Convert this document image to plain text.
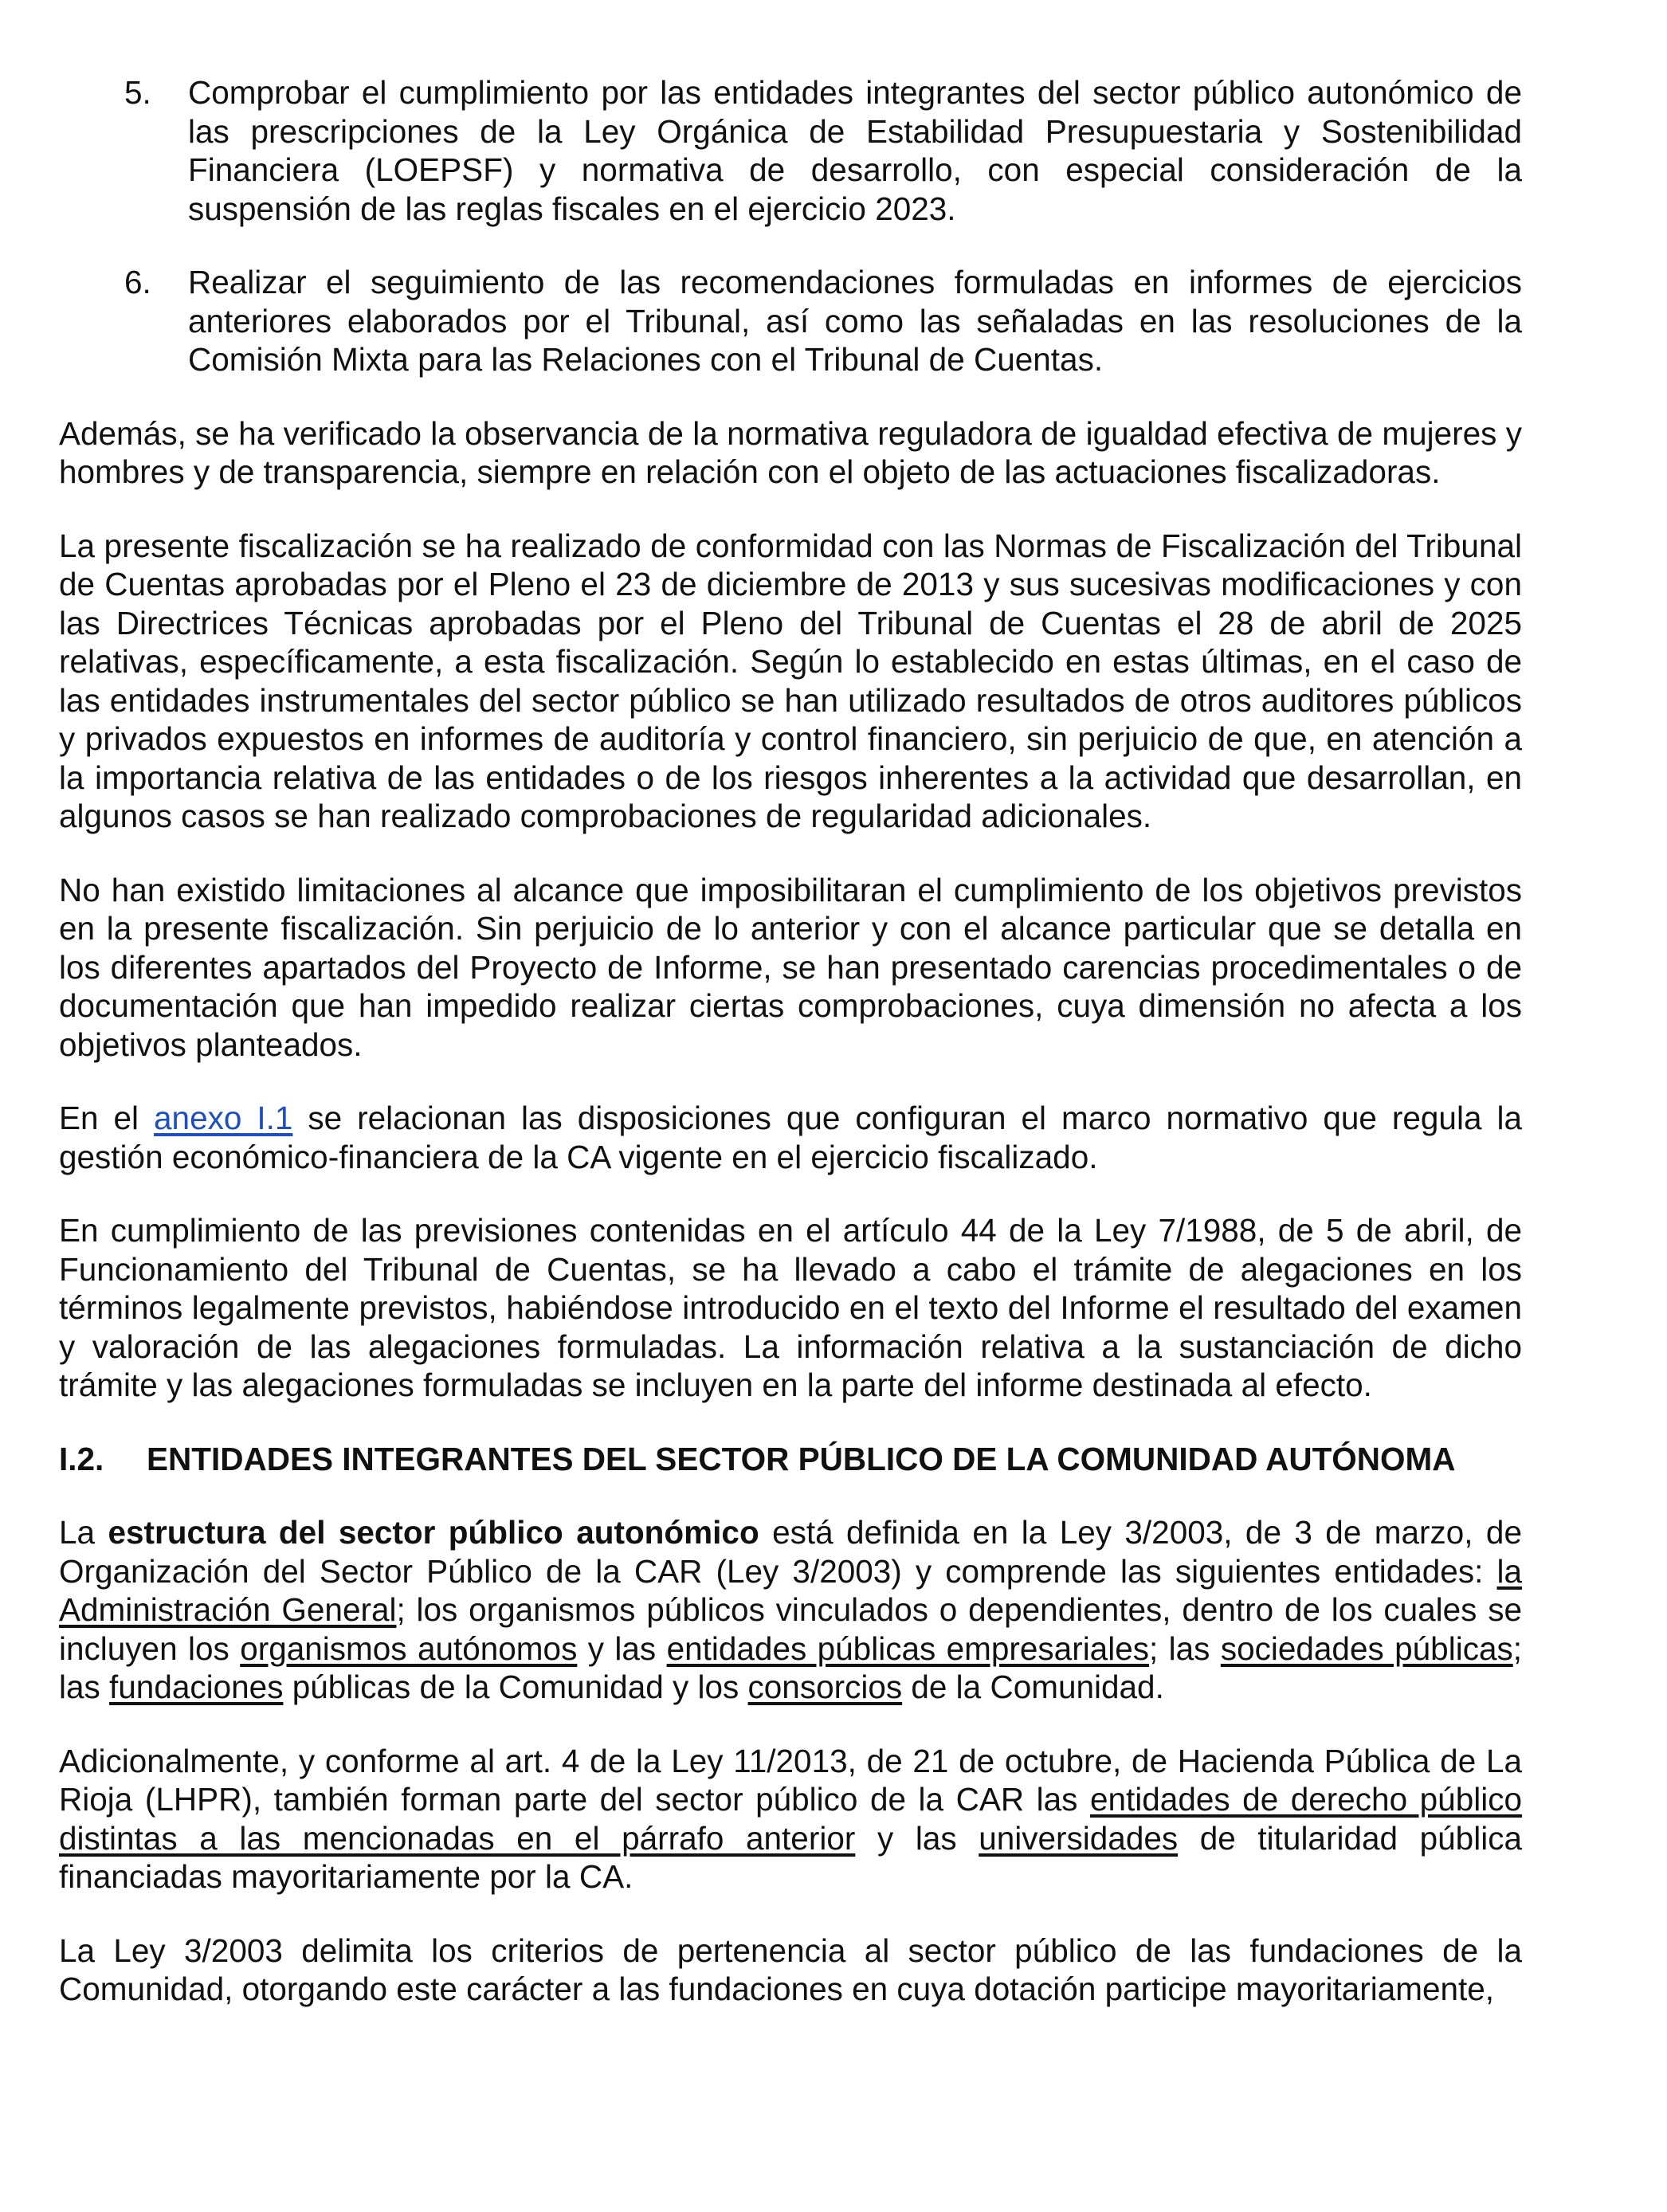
5. Comprobar el cumplimiento por las entidades integrantes del sector público autonómico de las prescripciones de la Ley Orgánica de Estabilidad Presupuestaria y Sostenibilidad Financiera (LOEPSF) y normativa de desarrollo, con especial consideración de la suspensión de las reglas fiscales en el ejercicio 2023.
6. Realizar el seguimiento de las recomendaciones formuladas en informes de ejercicios anteriores elaborados por el Tribunal, así como las señaladas en las resoluciones de la Comisión Mixta para las Relaciones con el Tribunal de Cuentas.

Además, se ha verificado la observancia de la normativa reguladora de igualdad efectiva de mujeres y hombres y de transparencia, siempre en relación con el objeto de las actuaciones fiscalizadoras.

La presente fiscalización se ha realizado de conformidad con las Normas de Fiscalización del Tribunal de Cuentas aprobadas por el Pleno el 23 de diciembre de 2013 y sus sucesivas modificaciones y con las Directrices Técnicas aprobadas por el Pleno del Tribunal de Cuentas el 28 de abril de 2025 relativas, específicamente, a esta fiscalización. Según lo establecido en estas últimas, en el caso de las entidades instrumentales del sector público se han utilizado resultados de otros auditores públicos y privados expuestos en informes de auditoría y control financiero, sin perjuicio de que, en atención a la importancia relativa de las entidades o de los riesgos inherentes a la actividad que desarrollan, en algunos casos se han realizado comprobaciones de regularidad adicionales.

No han existido limitaciones al alcance que imposibilitaran el cumplimiento de los objetivos previstos en la presente fiscalización. Sin perjuicio de lo anterior y con el alcance particular que se detalla en los diferentes apartados del Proyecto de Informe, se han presentado carencias procedimentales o de documentación que han impedido realizar ciertas comprobaciones, cuya dimensión no afecta a los objetivos planteados.

En el anexo I.1 se relacionan las disposiciones que configuran el marco normativo que regula la gestión económico-financiera de la CA vigente en el ejercicio fiscalizado.

En cumplimiento de las previsiones contenidas en el artículo 44 de la Ley 7/1988, de 5 de abril, de Funcionamiento del Tribunal de Cuentas, se ha llevado a cabo el trámite de alegaciones en los términos legalmente previstos, habiéndose introducido en el texto del Informe el resultado del examen y valoración de las alegaciones formuladas. La información relativa a la sustanciación de dicho trámite y las alegaciones formuladas se incluyen en la parte del informe destinada al efecto.

I.2.	ENTIDADES INTEGRANTES DEL SECTOR PÚBLICO DE LA COMUNIDAD AUTÓNOMA

La estructura del sector público autonómico está definida en la Ley 3/2003, de 3 de marzo, de Organización del Sector Público de la CAR (Ley 3/2003) y comprende las siguientes entidades: la Administración General; los organismos públicos vinculados o dependientes, dentro de los cuales se incluyen los organismos autónomos y las entidades públicas empresariales; las sociedades públicas; las fundaciones públicas de la Comunidad y los consorcios de la Comunidad.

Adicionalmente, y conforme al art. 4 de la Ley 11/2013, de 21 de octubre, de Hacienda Pública de La Rioja (LHPR), también forman parte del sector público de la CAR las entidades de derecho público distintas a las mencionadas en el párrafo anterior y las universidades de titularidad pública financiadas mayoritariamente por la CA.

La Ley 3/2003 delimita los criterios de pertenencia al sector público de las fundaciones de la Comunidad, otorgando este carácter a las fundaciones en cuya dotación participe mayoritariamente,
